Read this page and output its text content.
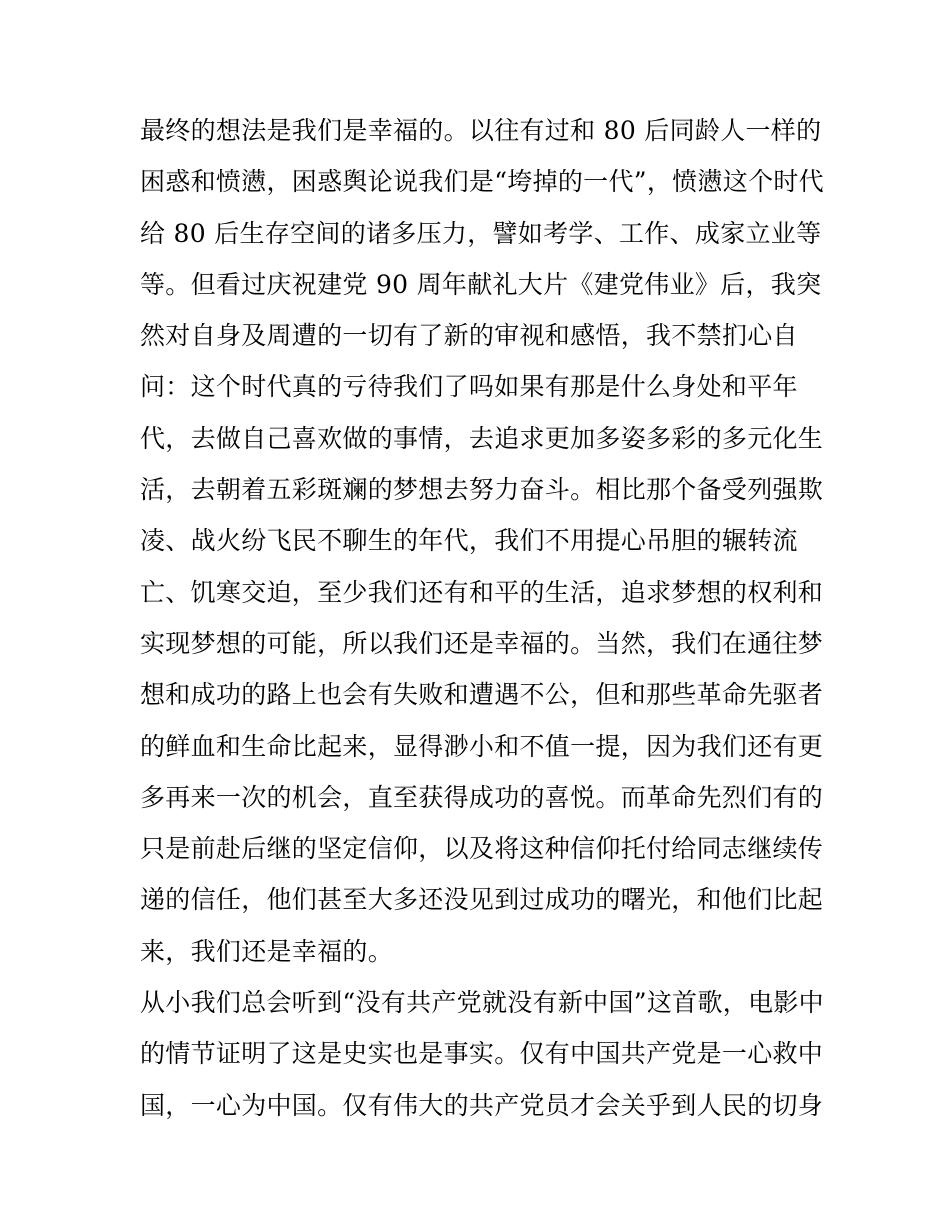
最终的想法是我们是幸福的。以往有过和 80 后同龄人一样的
困惑和愤懑，困惑舆论说我们是“垮掉的一代”，愤懑这个时代
给 80 后生存空间的诸多压力，譬如考学、工作、成家立业等
等。但看过庆祝建党 90 周年献礼大片《建党伟业》后，我突
然对自身及周遭的一切有了新的审视和感悟，我不禁扪心自
问：这个时代真的亏待我们了吗如果有那是什么身处和平年
代，去做自己喜欢做的事情，去追求更加多姿多彩的多元化生
活，去朝着五彩斑斓的梦想去努力奋斗。相比那个备受列强欺
凌、战火纷飞民不聊生的年代，我们不用提心吊胆的辗转流
亡、饥寒交迫，至少我们还有和平的生活，追求梦想的权利和
实现梦想的可能，所以我们还是幸福的。当然，我们在通往梦
想和成功的路上也会有失败和遭遇不公，但和那些革命先驱者
的鲜血和生命比起来，显得渺小和不值一提，因为我们还有更
多再来一次的机会，直至获得成功的喜悦。而革命先烈们有的
只是前赴后继的坚定信仰，以及将这种信仰托付给同志继续传
递的信任，他们甚至大多还没见到过成功的曙光，和他们比起
来，我们还是幸福的。
从小我们总会听到“没有共产党就没有新中国”这首歌，电影中
的情节证明了这是史实也是事实。仅有中国共产党是一心救中
国，一心为中国。仅有伟大的共产党员才会关乎到人民的切身
